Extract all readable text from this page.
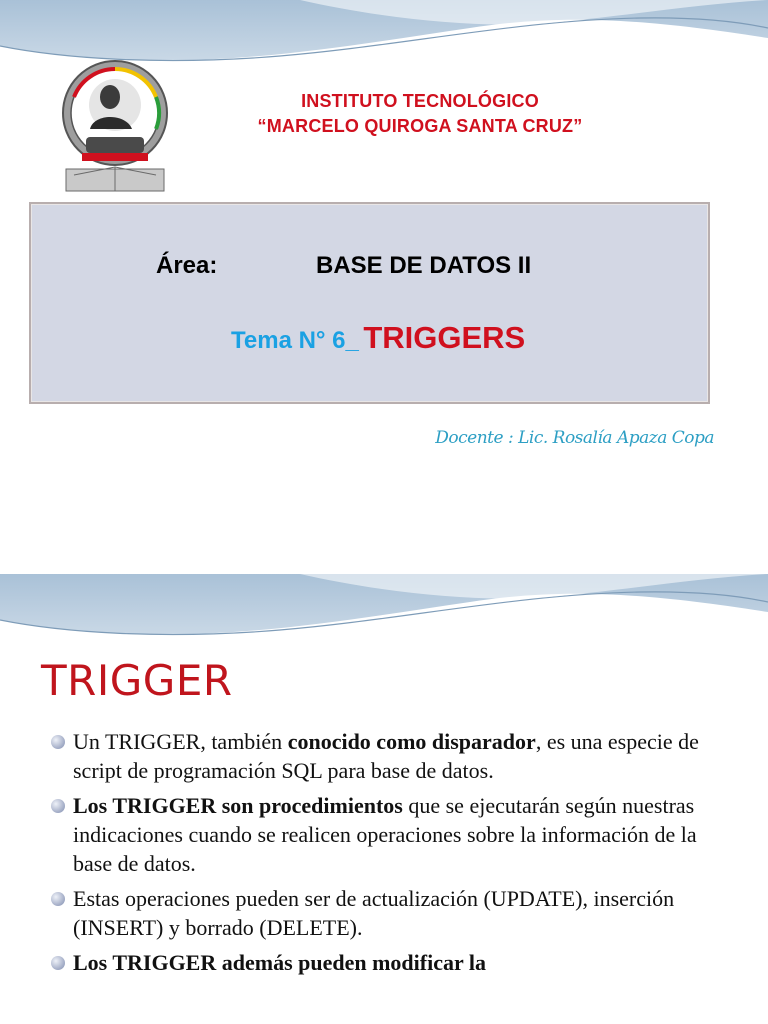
INSTITUTO TECNOLÓGICO
“MARCELO QUIROGA SANTA CRUZ”
Área:	BASE DE DATOS II
Tema N° 6_ TRIGGERS
Docente : Lic. Rosalía Apaza Copa
TRIGGER
Un TRIGGER, también conocido como disparador, es una especie de script de programación SQL para base de datos.
Los TRIGGER son procedimientos que se ejecutarán según nuestras indicaciones cuando se realicen operaciones sobre la información de la base de datos.
Estas operaciones pueden ser de actualización (UPDATE), inserción (INSERT) y borrado (DELETE).
Los TRIGGER además pueden modificar la
